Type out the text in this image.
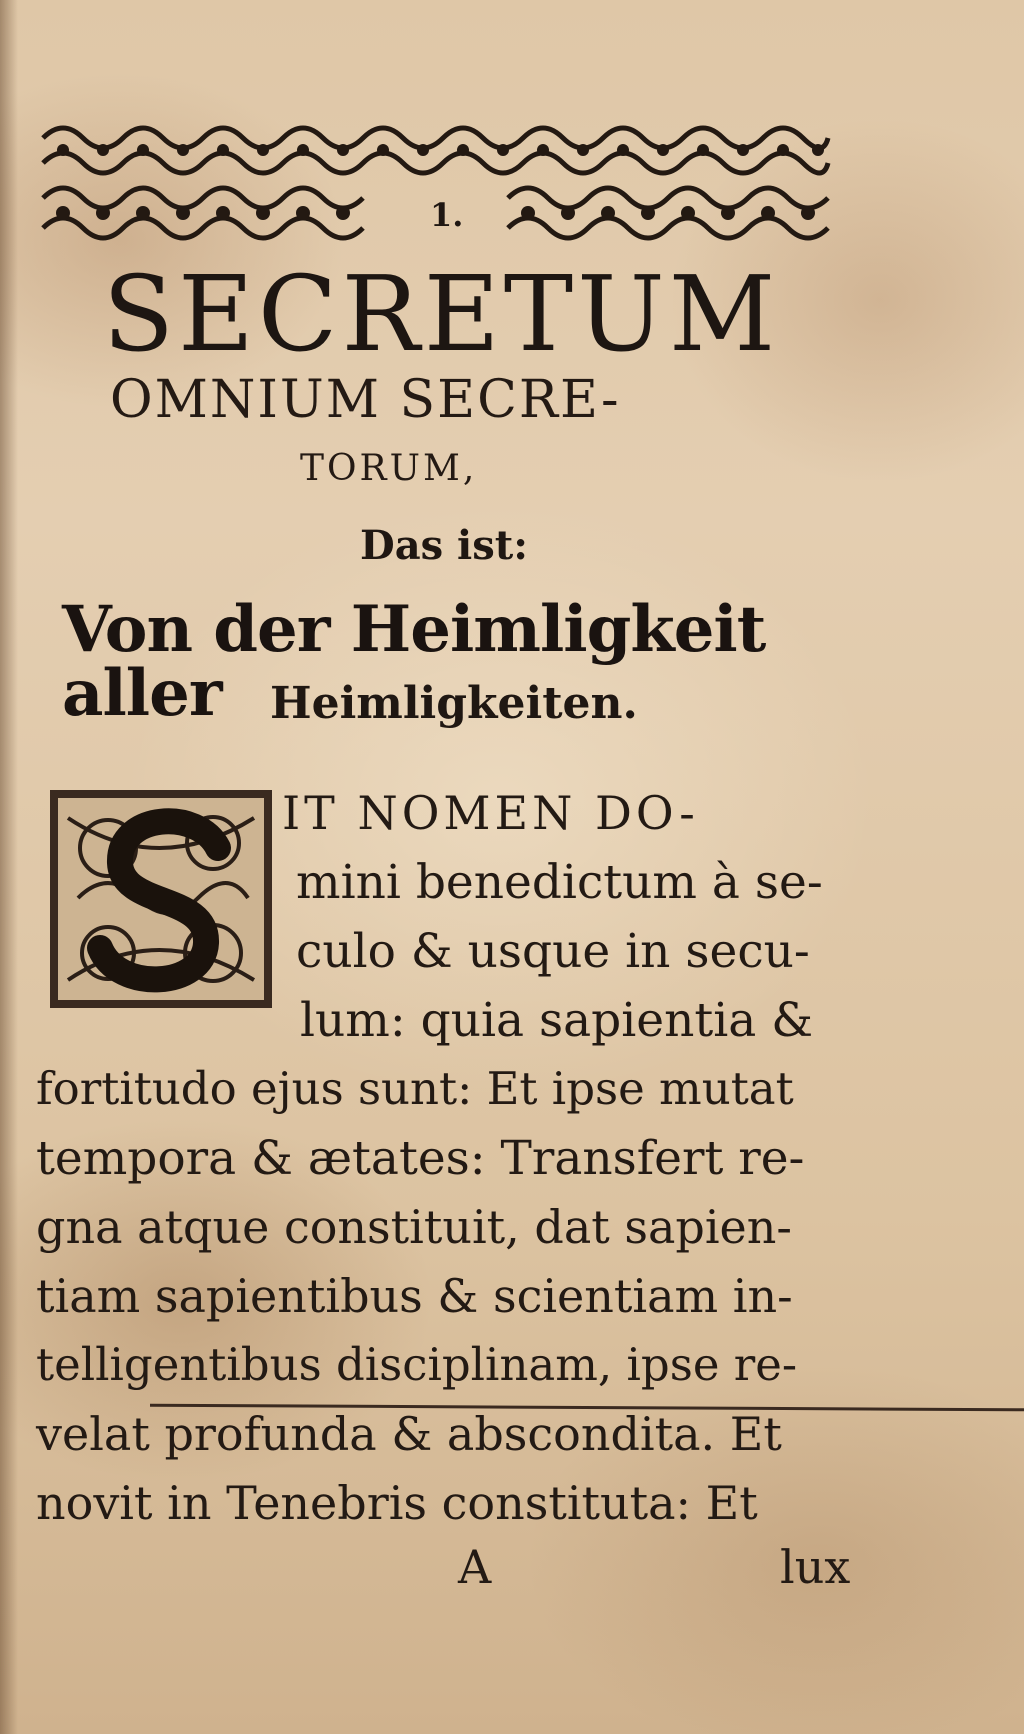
1.
SECRETUM
OMNIUM SECRE-
TORUM,
Das ist:
Von der Heimligkeit aller	Heimligkeiten.
IT NOMEN DO-
mini benedictum à se-
culo & usque in secu-
lum: quia sapientia &
fortitudo ejus sunt: Et ipse mutat
tempora & ætates: Transfert re-
gna atque constituit, dat sapien-
tiam sapientibus & scientiam in-
telligentibus disciplinam, ipse re-
velat profunda & abscondita. Et
novit in Tenebris constituta: Et
A	lux
